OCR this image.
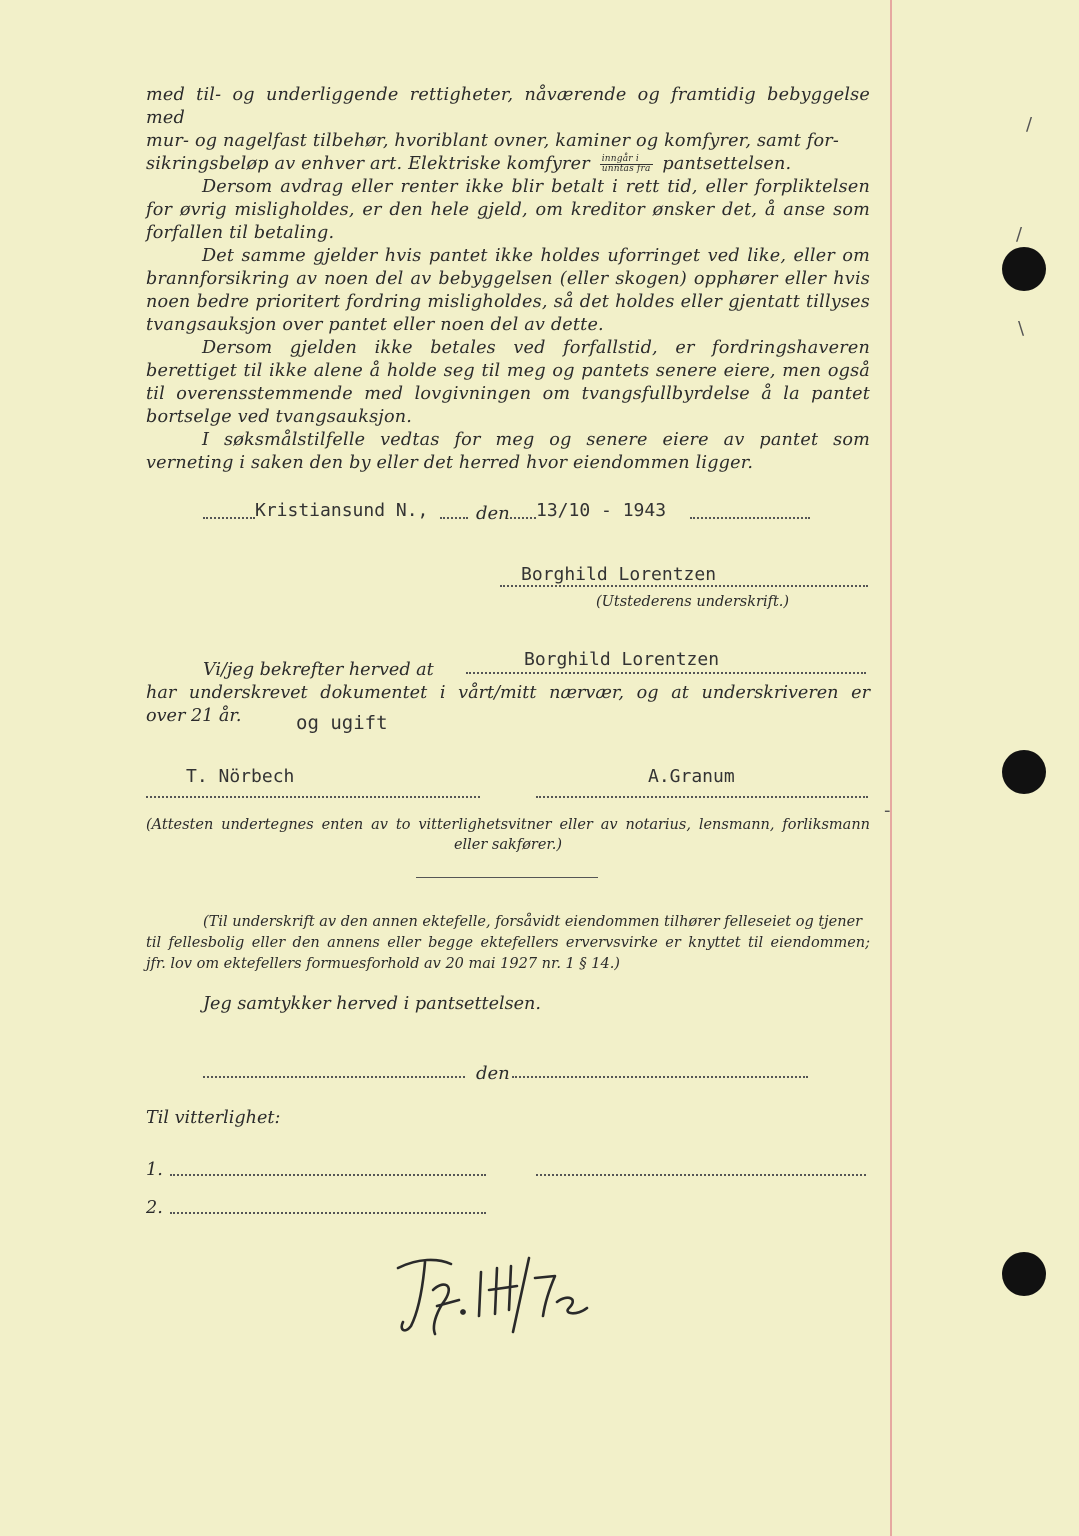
/
/
\
-

med til- og underliggende rettigheter, nåværende og framtidig bebyggelse med

mur- og nagelfast tilbehør, hvoriblant ovner, kaminer og komfyrer, samt for-

sikringsbeløp av enhver art. Elektriske komfyrer $\frac{\text{inngår i}}{\text{unntas fra}}$ pantsettelsen.

Dersom avdrag eller renter ikke blir betalt i rett tid, eller forpliktelsen for øvrig misligholdes, er den hele gjeld, om kreditor ønsker det, å anse som forfallen til betaling.

Det samme gjelder hvis pantet ikke holdes uforringet ved like, eller om brannforsikring av noen del av bebyggelsen (eller skogen) opphører eller hvis noen bedre prioritert fordring misligholdes, så det holdes eller gjentatt tillyses tvangsauksjon over pantet eller noen del av dette.

Dersom gjelden ikke betales ved forfallstid, er fordringshaveren berettiget til ikke alene å holde seg til meg og pantets senere eiere, men også til overensstemmende med lovgivningen om tvangsfullbyrdelse å la pantet bortselge ved tvangsauksjon.

I søksmålstilfelle vedtas for meg og senere eiere av pantet som verneting i saken den by eller det herred hvor eiendommen ligger.

Kristiansund N.,	den 13/10 - 1943
Borghild Lorentzen
(Utstederens underskrift.)
Vi/jeg bekrefter herved at	Borghild Lorentzen
har underskrevet dokumentet i vårt/mitt nærvær, og at underskriveren er
over 21 år.	og ugift
T. Nörbech	A.Granum
(Attesten undertegnes enten av to vitterlighetsvitner eller av notarius, lensmann, forliksmann
eller sakfører.)
(Til underskrift av den annen ektefelle, forsåvidt eiendommen tilhører felleseiet og tjener
til fellesbolig eller den annens eller begge ektefellers ervervsvirke er knyttet til eiendommen;
jfr. lov om ektefellers formuesforhold av 20 mai 1927 nr. 1 § 14.)
Jeg samtykker herved i pantsettelsen.
den
Til vitterlighet:
1.
2.
